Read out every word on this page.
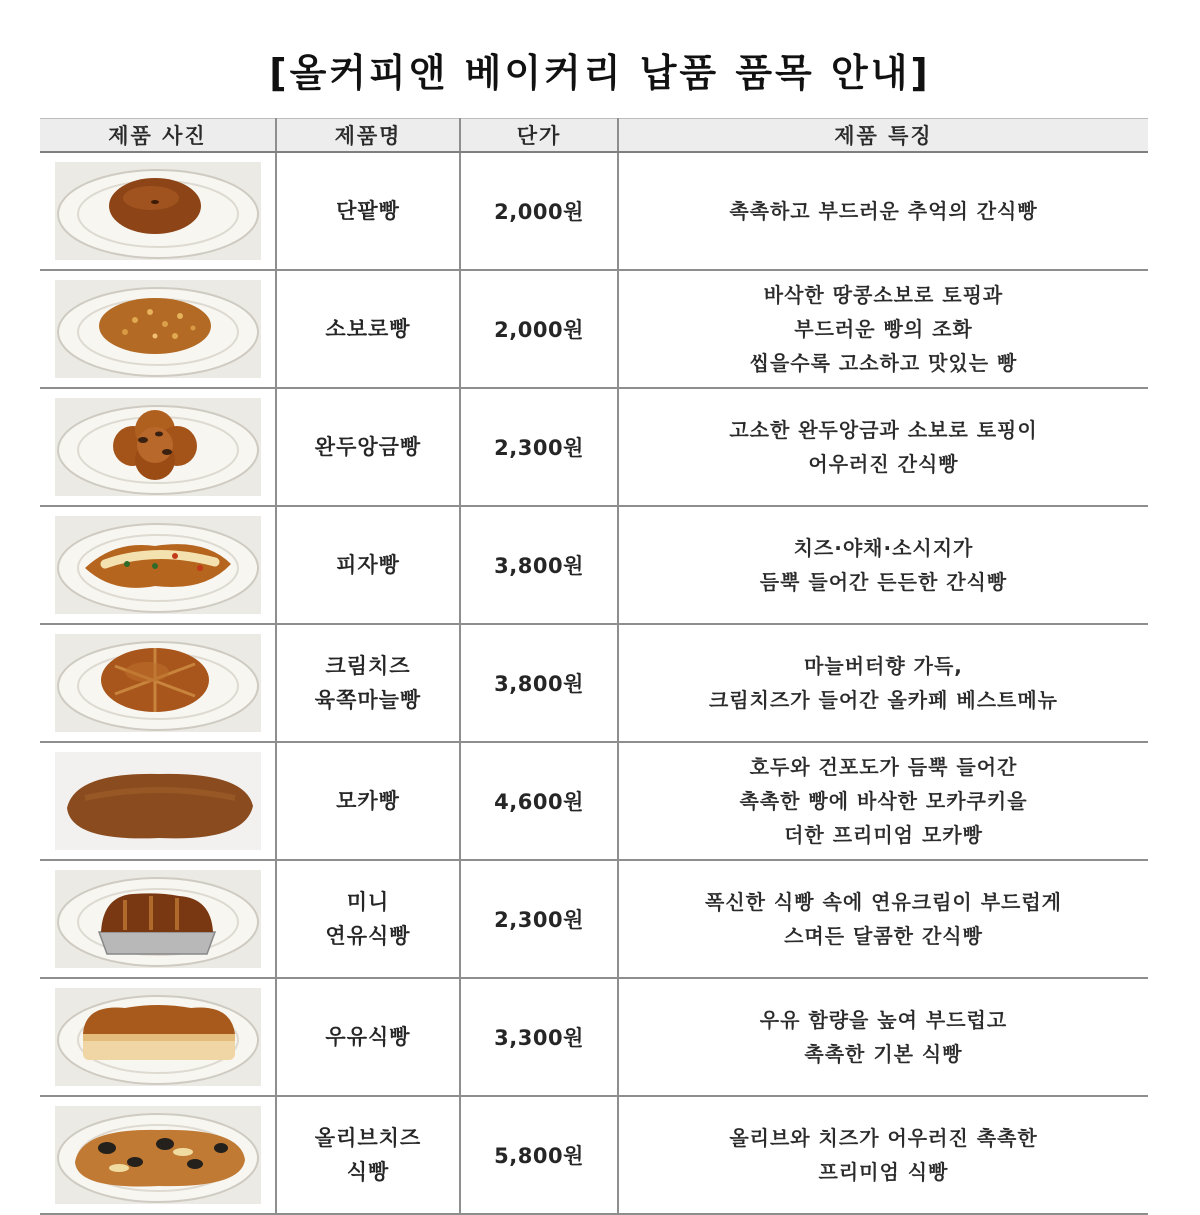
[올커피앤 베이커리 납품 품목 안내]
제품 사진	제품명	단가	제품 특징

단팥빵	2,000원	촉촉하고 부드러운 추억의 간식빵

소보로빵	2,000원	바삭한 땅콩소보로 토핑과
부드러운 빵의 조화
씹을수록 고소하고 맛있는 빵

완두앙금빵	2,300원	고소한 완두앙금과 소보로 토핑이
어우러진 간식빵

피자빵	3,800원	치즈·야채·소시지가
듬뿍 들어간 든든한 간식빵

크림치즈
육쪽마늘빵	3,800원	마늘버터향 가득,
크림치즈가 들어간 올카페 베스트메뉴

모카빵	4,600원	호두와 건포도가 듬뿍 들어간
촉촉한 빵에 바삭한 모카쿠키을
더한 프리미엄 모카빵

미니
연유식빵	2,300원	폭신한 식빵 속에 연유크림이 부드럽게
스며든 달콤한 간식빵

우유식빵	3,300원	우유 함량을 높여 부드럽고
촉촉한 기본 식빵

올리브치즈
식빵	5,800원	올리브와 치즈가 어우러진 촉촉한
프리미엄 식빵
